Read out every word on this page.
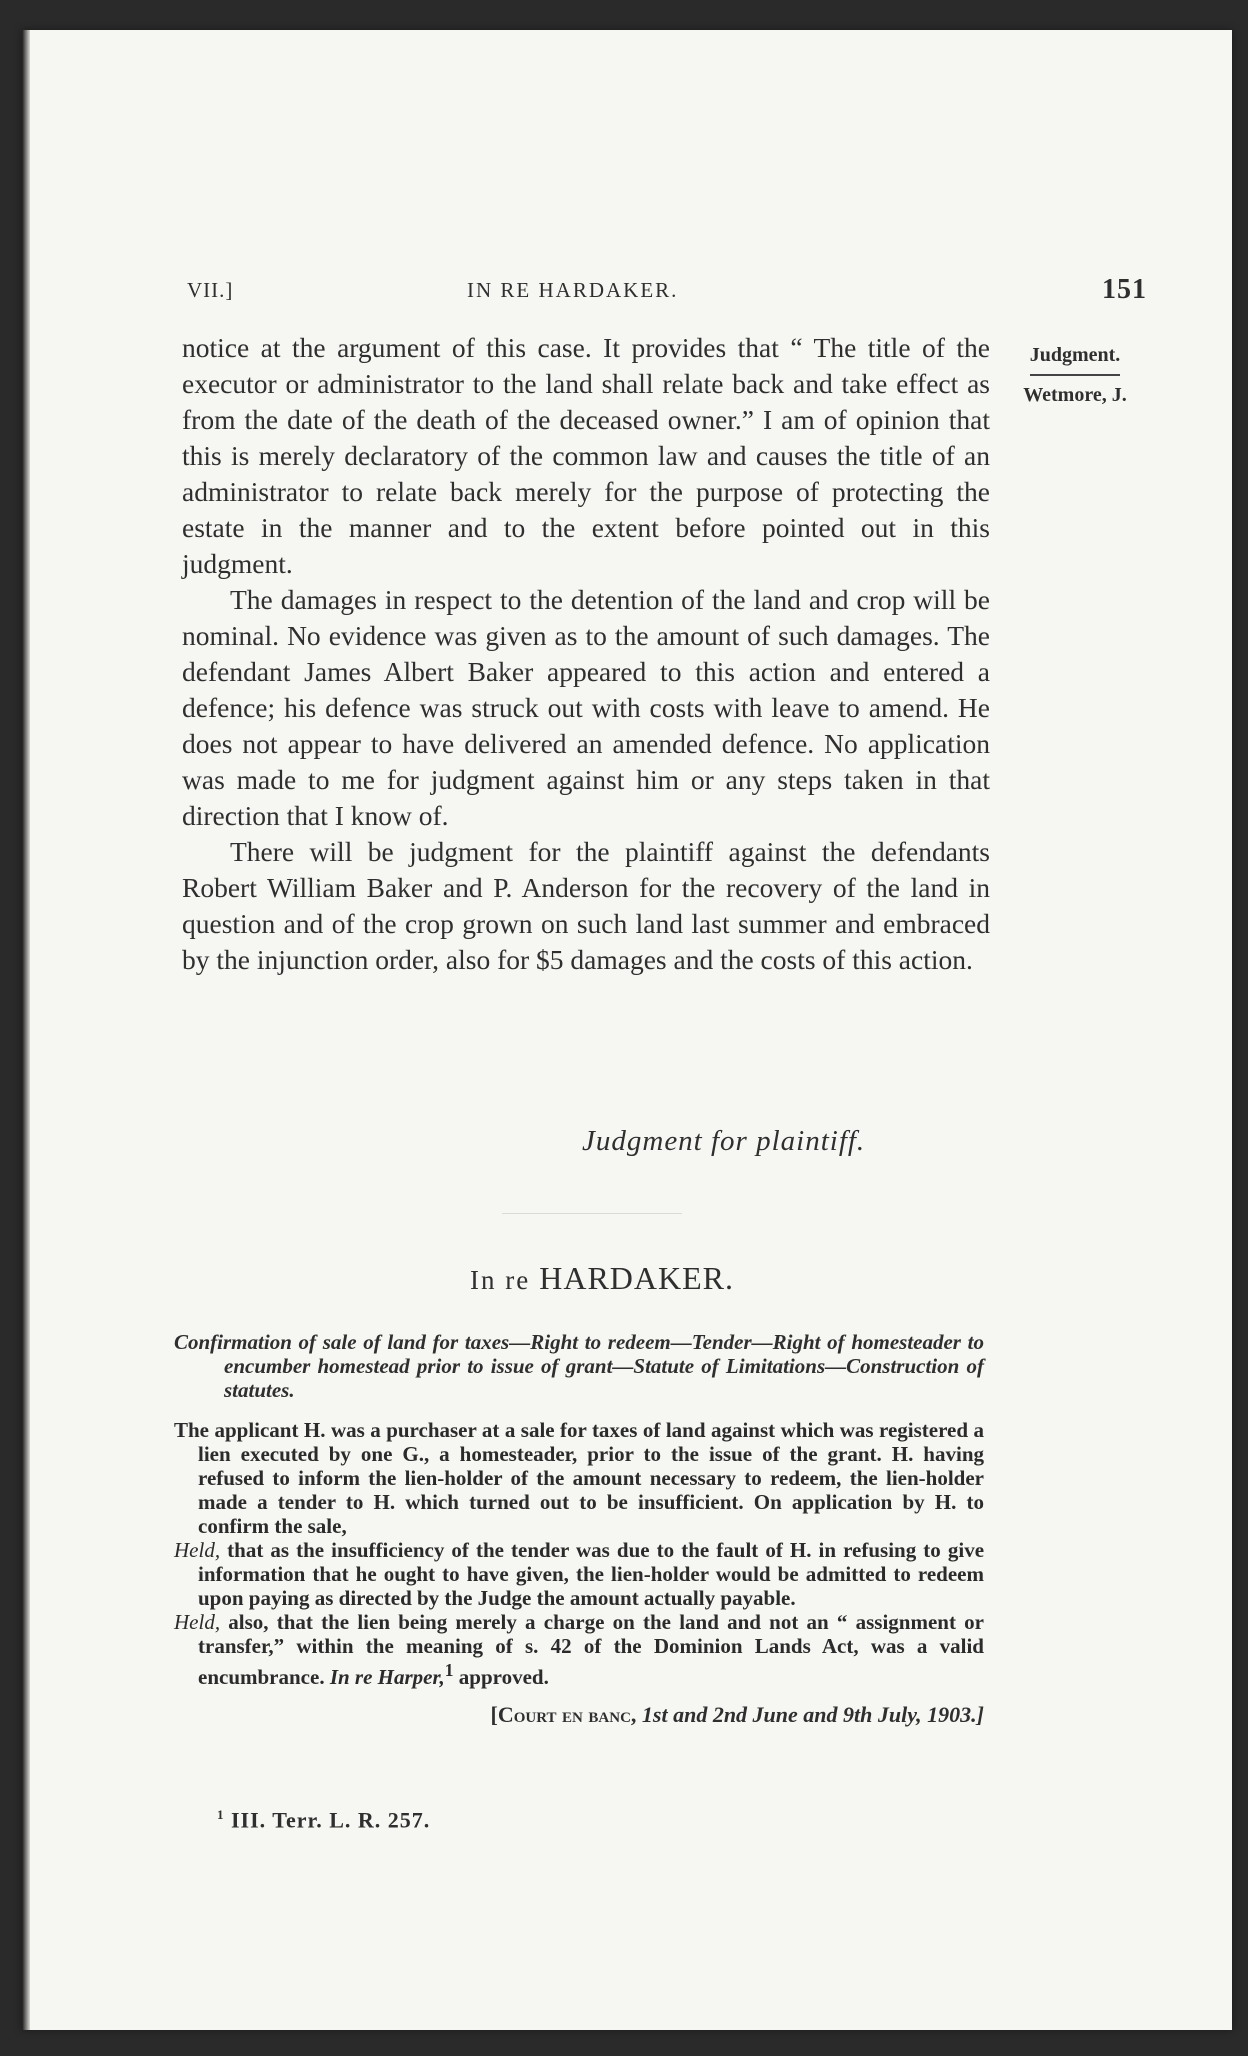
VII.]	IN RE HARDAKER.	151
Judgment.
Wetmore, J.

notice at the argument of this case. It provides that “ The title of the executor or administrator to the land shall relate back and take effect as from the date of the death of the deceased owner.” I am of opinion that this is merely declaratory of the common law and causes the title of an administrator to relate back merely for the purpose of protecting the estate in the manner and to the extent before pointed out in this judgment.

The damages in respect to the detention of the land and crop will be nominal. No evidence was given as to the amount of such damages. The defendant James Albert Baker appeared to this action and entered a defence; his defence was struck out with costs with leave to amend. He does not appear to have delivered an amended defence. No application was made to me for judgment against him or any steps taken in that direction that I know of.

There will be judgment for the plaintiff against the defendants Robert William Baker and P. Anderson for the recovery of the land in question and of the crop grown on such land last summer and embraced by the injunction order, also for $5 damages and the costs of this action.

Judgment for plaintiff.
In re HARDAKER.

Confirmation of sale of land for taxes—Right to redeem—Tender—Right of homesteader to encumber homestead prior to issue of grant—Statute of Limitations—Construction of statutes.

The applicant H. was a purchaser at a sale for taxes of land against which was registered a lien executed by one G., a homesteader, prior to the issue of the grant. H. having refused to inform the lien-holder of the amount necessary to redeem, the lien-holder made a tender to H. which turned out to be insufficient. On application by H. to confirm the sale,

Held, that as the insufficiency of the tender was due to the fault of H. in refusing to give information that he ought to have given, the lien-holder would be admitted to redeem upon paying as directed by the Judge the amount actually payable.

Held, also, that the lien being merely a charge on the land and not an “ assignment or transfer,” within the meaning of s. 42 of the Dominion Lands Act, was a valid encumbrance. In re Harper,$^1$ approved.

[Court en banc, 1st and 2nd June and 9th July, 1903.]
$^1$ III. Terr. L. R. 257.
